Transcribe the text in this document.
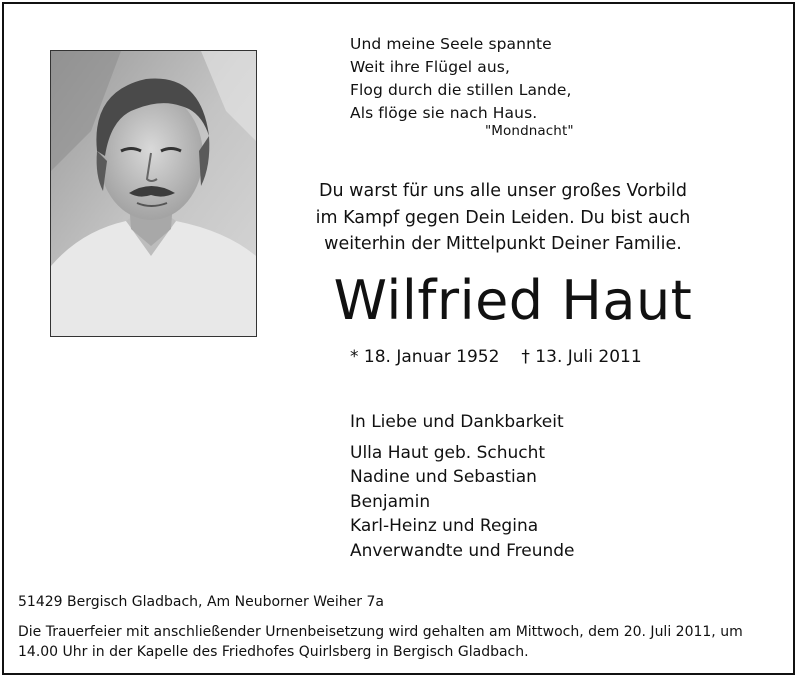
Und meine Seele spannte
Weit ihre Flügel aus,
Flog durch die stillen Lande,
Als flöge sie nach Haus.
"Mondnacht"
Du warst für uns alle unser großes Vorbild
im Kampf gegen Dein Leiden. Du bist auch
weiterhin der Mittelpunkt Deiner Familie.
Wilfried Haut
* 18. Januar 1952 † 13. Juli 2011
In Liebe und Dankbarkeit
Ulla Haut geb. Schucht
Nadine und Sebastian
Benjamin
Karl-Heinz und Regina
Anverwandte und Freunde
51429 Bergisch Gladbach, Am Neuborner Weiher 7a
Die Trauerfeier mit anschließender Urnenbeisetzung wird gehalten am Mittwoch, dem 20. Juli 2011, um
14.00 Uhr in der Kapelle des Friedhofes Quirlsberg in Bergisch Gladbach.
